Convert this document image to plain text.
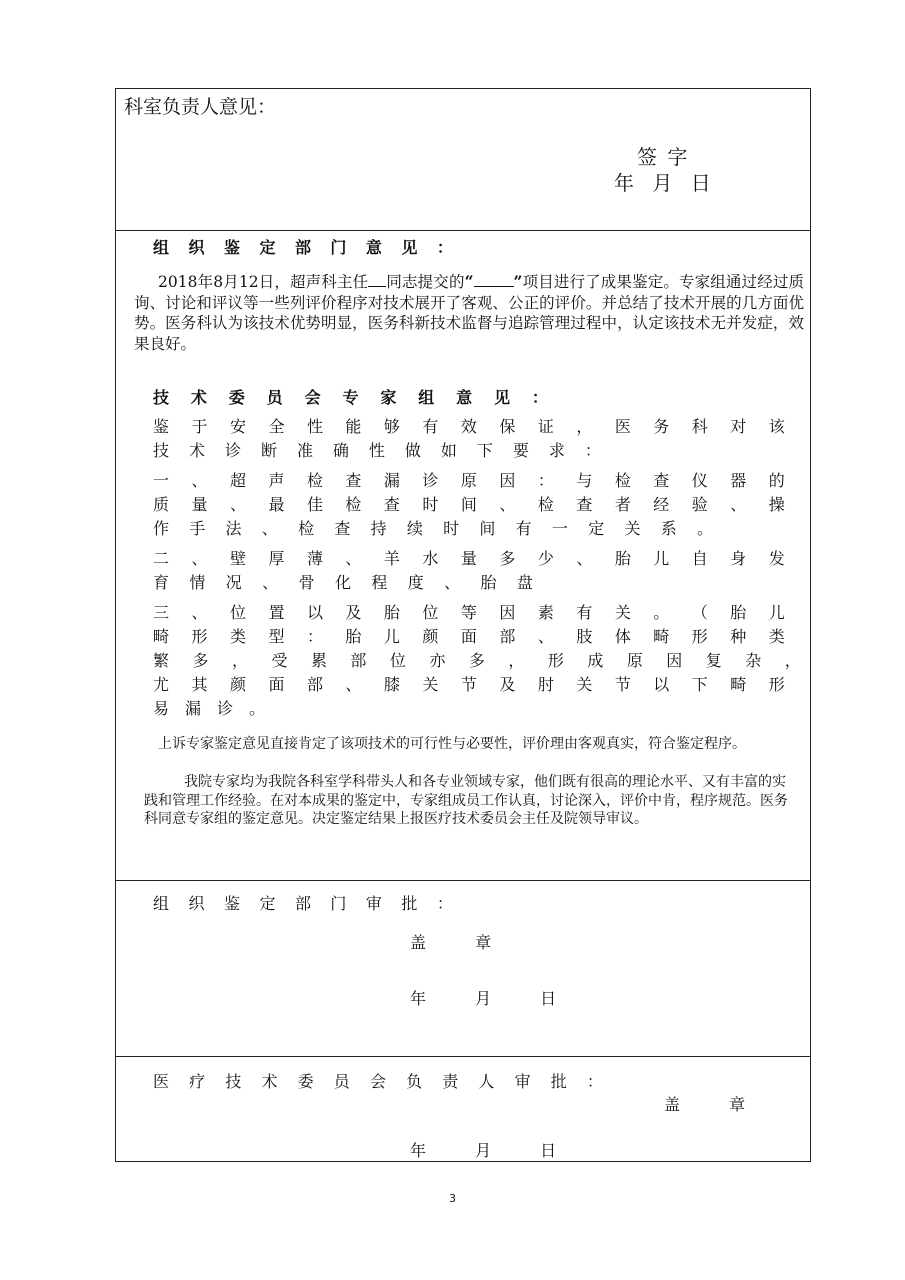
科室负责人意见：
签 字
年 月 日
组 织 鉴 定 部 门 意 见 ：
2018年8月12日，超声科主任 同志提交的“	”项目进行了成果鉴定。专家组通过经过质询、讨论和评议等一些列评价程序对技术展开了客观、公正的评价。并总结了技术开展的几方面优势。医务科认为该技术优势明显，医务科新技术监督与追踪管理过程中，认定该技术无并发症，效果良好。
技 术 委 员 会 专 家 组 意 见 ：
鉴 于 安 全 性 能 够 有 效 保 证 ， 医 务 科 对 该
技 术 诊 断 准 确 性 做 如 下 要 求 ：
一 、 超 声 检 查 漏 诊 原 因 ： 与 检 查 仪 器 的
质 量 、 最 佳 检 查 时 间 、 检 查 者 经 验 、 操
作 手 法 、 检 查 持 续 时 间 有 一 定 关 系 。
二 、 壁 厚 薄 、 羊 水 量 多 少 、 胎 儿 自 身 发
育 情 况 、 骨 化 程 度 、 胎 盘
三 、 位 置 以 及 胎 位 等 因 素 有 关 。 （ 胎 儿
畸 形 类 型 ： 胎 儿 颜 面 部 、 肢 体 畸 形 种 类
繁 多 ， 受 累 部 位 亦 多 ， 形 成 原 因 复 杂 ，
尤 其 颜 面 部 、 膝 关 节 及 肘 关 节 以 下 畸 形
易 漏 诊 。
上诉专家鉴定意见直接肯定了该项技术的可行性与必要性，评价理由客观真实，符合鉴定程序。
我院专家均为我院各科室学科带头人和各专业领域专家，他们既有很高的理论水平、又有丰富的实践和管理工作经验。在对本成果的鉴定中，专家组成员工作认真，讨论深入，评价中肯，程序规范。医务科同意专家组的鉴定意见。决定鉴定结果上报医疗技术委员会主任及院领导审议。
组 织 鉴 定 部 门 审 批 ：
盖 章
年 月 日
医 疗 技 术 委 员 会 负 责 人 审 批 ：
盖 章
年 月 日
3
